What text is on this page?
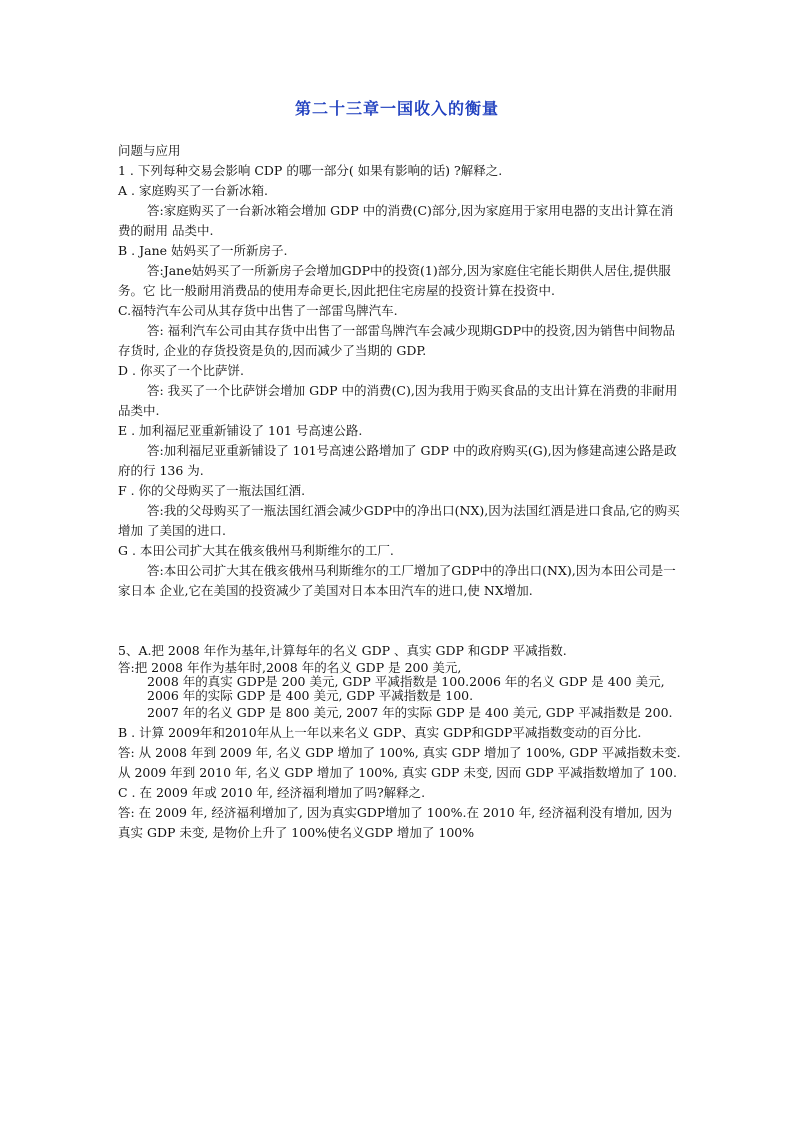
第二十三章一国收入的衡量

问题与应用

1 . 下列每种交易会影响 CDP 的哪一部分( 如果有影响的话) ?解释之.

A . 家庭购买了一台新冰箱.

答:家庭购买了一台新冰箱会增加 GDP 中的消费(C)部分,因为家庭用于家用电器的支出计算在消费的耐用 品类中.

B . Jane 姑妈买了一所新房子.

答:Jane姑妈买了一所新房子会增加GDP中的投资(1)部分,因为家庭住宅能长期供人居住,提供服务。它 比一般耐用消费品的使用寿命更长,因此把住宅房屋的投资计算在投资中.

C.福特汽车公司从其存货中出售了一部雷鸟牌汽车.

答: 福利汽车公司由其存货中出售了一部雷鸟牌汽车会减少现期GDP中的投资,因为销售中间物品存货时, 企业的存货投资是负的,因而减少了当期的 GDP.

D . 你买了一个比萨饼.

答: 我买了一个比萨饼会增加 GDP 中的消费(C),因为我用于购买食品的支出计算在消费的非耐用品类中.

E . 加利福尼亚重新铺设了 101 号高速公路.

答:加利福尼亚重新铺设了 101号高速公路增加了 GDP 中的政府购买(G),因为修建高速公路是政府的行 136 为.

F . 你的父母购买了一瓶法国红酒.

答:我的父母购买了一瓶法国红酒会减少GDP中的净出口(NX),因为法国红酒是进口食品,它的购买增加 了美国的进口.

G . 本田公司扩大其在俄亥俄州马利斯维尔的工厂.

答:本田公司扩大其在俄亥俄州马利斯维尔的工厂增加了GDP中的净出口(NX),因为本田公司是一家日本 企业,它在美国的投资减少了美国对日本本田汽车的进口,使 NX增加.

5、A.把 2008 年作为基年,计算每年的名义 GDP 、真实 GDP 和GDP 平减指数.

答:把 2008 年作为基年时,2008 年的名义 GDP 是 200 美元,

2008 年的真实 GDP是 200 美元, GDP 平减指数是 100.2006 年的名义 GDP 是 400 美元,

2006 年的实际 GDP 是 400 美元, GDP 平减指数是 100.

2007 年的名义 GDP 是 800 美元, 2007 年的实际 GDP 是 400 美元, GDP 平减指数是 200.

B . 计算 2009年和2010年从上一年以来名义 GDP、真实 GDP和GDP平减指数变动的百分比.

答: 从 2008 年到 2009 年, 名义 GDP 增加了 100%, 真实 GDP 增加了 100%, GDP 平减指数未变.

从 2009 年到 2010 年, 名义 GDP 增加了 100%, 真实 GDP 未变, 因而 GDP 平减指数增加了 100.

C . 在 2009 年或 2010 年, 经济福利增加了吗?解释之.

答: 在 2009 年, 经济福利增加了, 因为真实GDP增加了 100%.在 2010 年, 经济福利没有增加, 因为真实 GDP 未变, 是物价上升了 100%使名义GDP 增加了 100%
